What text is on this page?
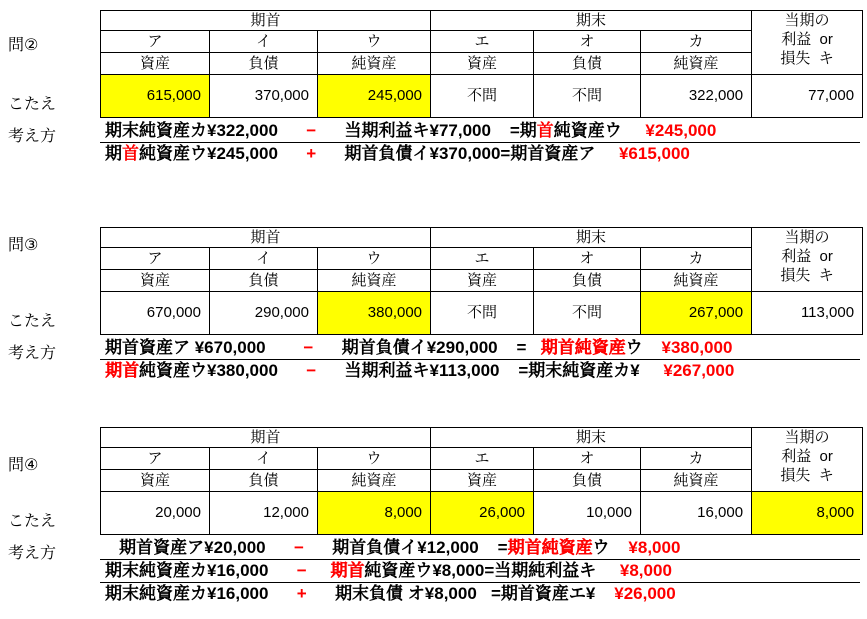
問②
こたえ
考え方
期首			期末			当期の
利益  or
損失  キ

ア	イ	ウ	エ	オ	カ	
資産	負債	純資産	資産	負債	純資産	
615,000	370,000	245,000	不問	不問	322,000	77,000
期末純資産カ¥322,000      −      当期利益キ¥77,000    =期首純資産ウ     ¥245,000
期首純資産ウ¥245,000      +      期首負債イ¥370,000=期首資産ア     ¥615,000
問③
こたえ
考え方
期首			期末			当期の
利益  or
損失  キ

ア	イ	ウ	エ	オ	カ	
資産	負債	純資産	資産	負債	純資産	
670,000	290,000	380,000	不問	不問	267,000	113,000
期首資産ア ¥670,000        −      期首負債イ¥290,000    =   期首純資産ウ    ¥380,000
期首純資産ウ¥380,000      −      当期利益キ¥113,000    =期末純資産カ¥     ¥267,000
問④
こたえ
考え方
期首			期末			当期の
利益  or
損失  キ

ア	イ	ウ	エ	オ	カ	
資産	負債	純資産	資産	負債	純資産	
20,000	12,000	8,000	26,000	10,000	16,000	8,000
期首資産ア¥20,000      −      期首負債イ¥12,000    =期首純資産ウ    ¥8,000
期末純資産カ¥16,000      −     期首純資産ウ¥8,000=当期純利益キ     ¥8,000
期末純資産カ¥16,000      +      期末負債 オ¥8,000   =期首資産エ¥    ¥26,000
